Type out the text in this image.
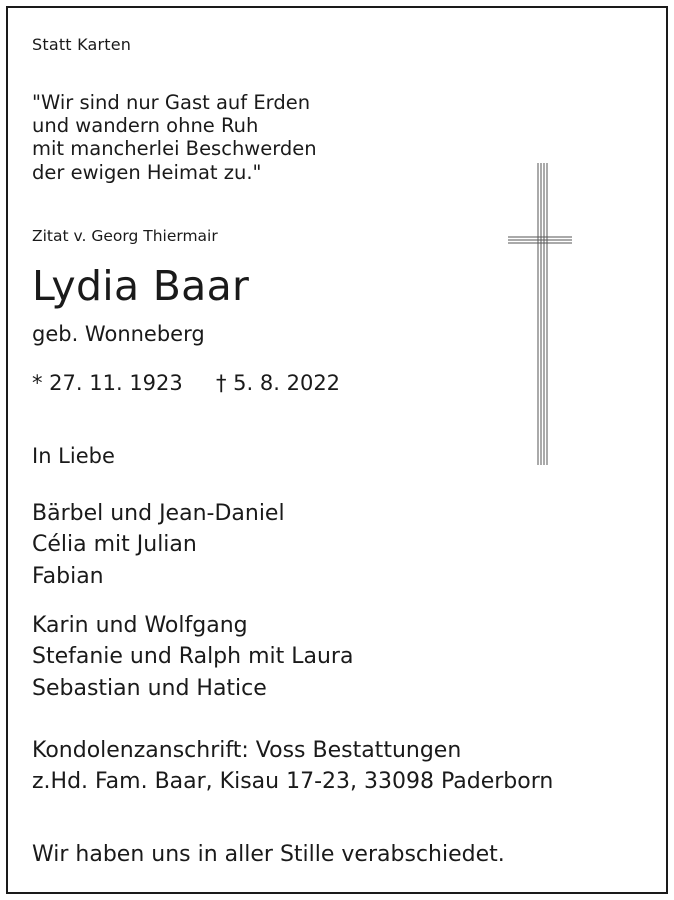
Statt Karten
"Wir sind nur Gast auf Erden
und wandern ohne Ruh
mit mancherlei Beschwerden
der ewigen Heimat zu."
Zitat v. Georg Thiermair
Lydia Baar
geb. Wonneberg
* 27. 11. 1923 † 5. 8. 2022
In Liebe
Bärbel und Jean-Daniel
Célia mit Julian
Fabian
Karin und Wolfgang
Stefanie und Ralph mit Laura
Sebastian und Hatice
Kondolenzanschrift: Voss Bestattungen
z.Hd. Fam. Baar, Kisau 17-23, 33098 Paderborn
Wir haben uns in aller Stille verabschiedet.
